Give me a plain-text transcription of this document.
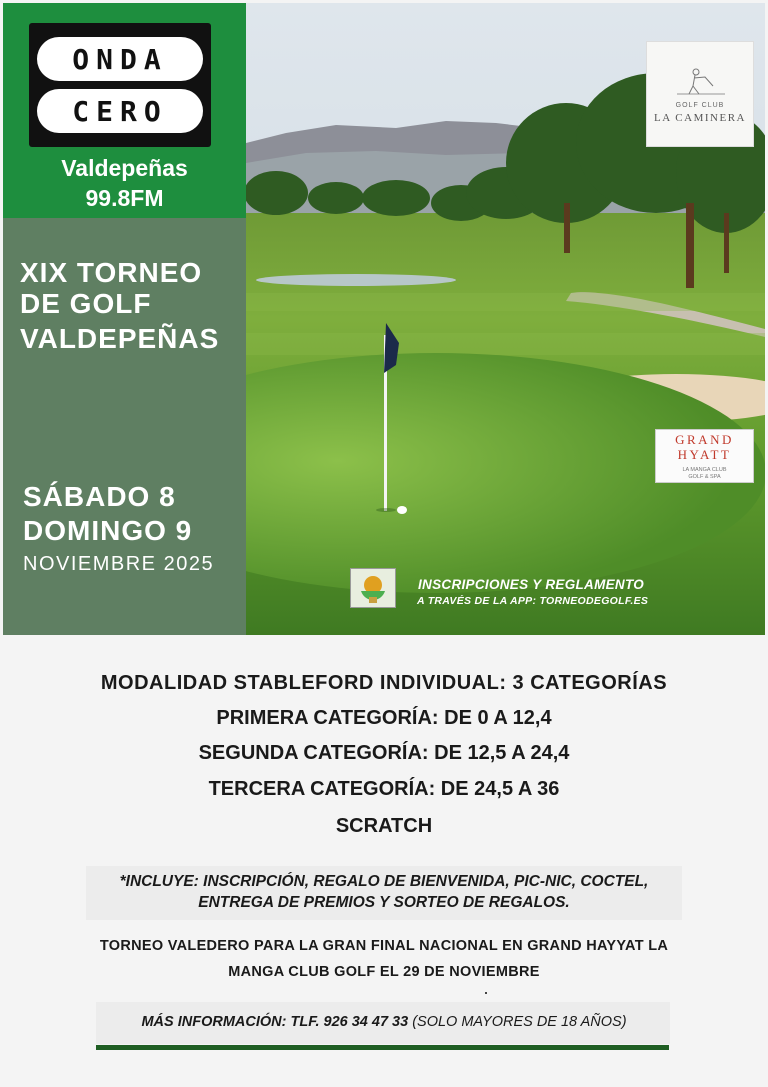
ONDA
CERO
Valdepeñas
99.8FM
XIX TORNEO
DE GOLF
VALDEPEÑAS
SÁBADO 8
DOMINGO 9
NOVIEMBRE 2025
GOLF CLUB
LA CAMINERA
GRAND
HYATT
LA MANGA CLUB
GOLF & SPA
INSCRIPCIONES Y REGLAMENTO
A TRAVÉS DE LA APP: TORNEODEGOLF.ES
MODALIDAD STABLEFORD INDIVIDUAL: 3 CATEGORÍAS
PRIMERA CATEGORÍA: DE 0 A 12,4
SEGUNDA CATEGORÍA: DE 12,5 A 24,4
TERCERA CATEGORÍA: DE 24,5 A 36
SCRATCH
*INCLUYE: INSCRIPCIÓN, REGALO DE BIENVENIDA, PIC-NIC, COCTEL,
ENTREGA DE PREMIOS Y SORTEO DE REGALOS.
TORNEO VALEDERO PARA LA GRAN FINAL NACIONAL EN GRAND HAYYAT LA
MANGA CLUB GOLF EL 29 DE NOVIEMBRE
MÁS INFORMACIÓN: TLF. 926 34 47 33 (SOLO MAYORES DE 18 AÑOS)
